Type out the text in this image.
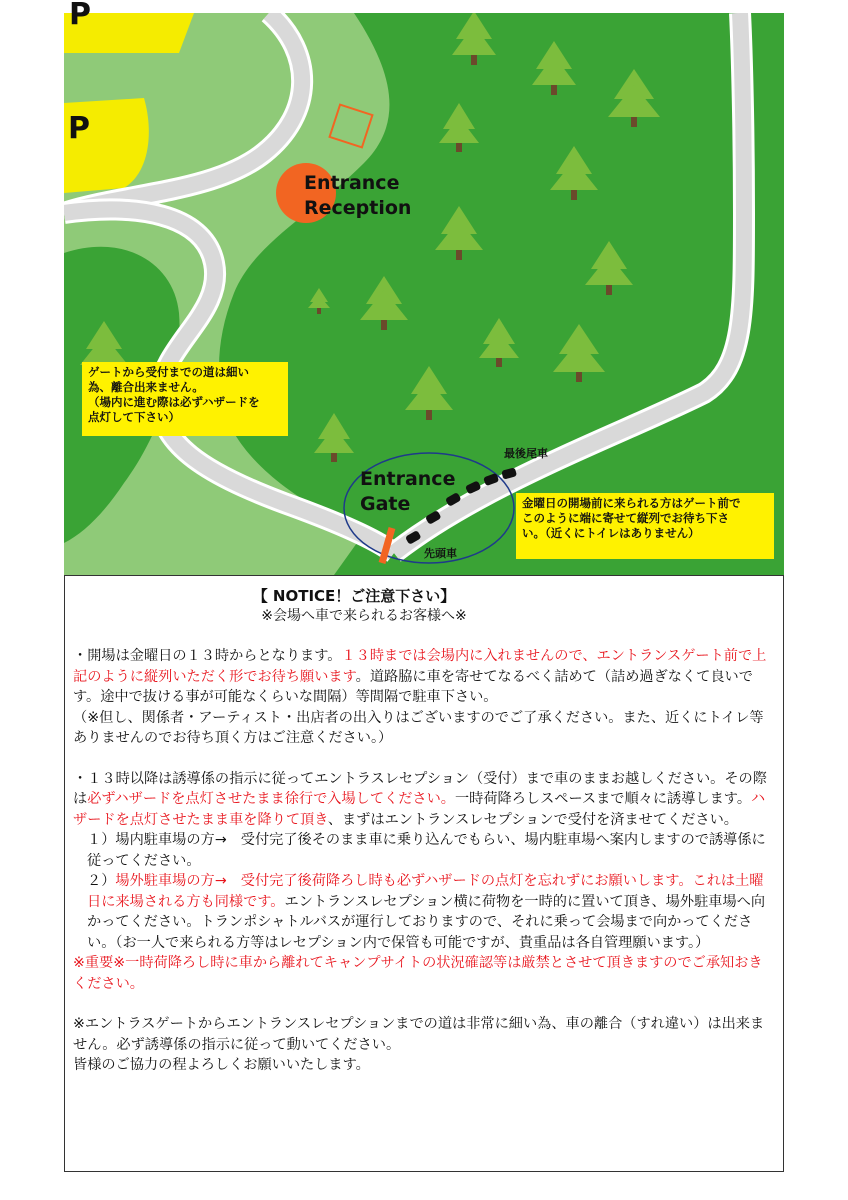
P
P
Entrance
Reception
Entrance
Gate
最後尾車
先頭車
ゲートから受付までの道は細い
為、離合出来ません。
（場内に進む際は必ずハザードを
点灯して下さい）
金曜日の開場前に来られる方はゲート前で
このように端に寄せて縦列でお待ち下さ
い。（近くにトイレはありません）
【 NOTICE！ご注意下さい】
※会場へ車で来られるお客様へ※

・開場は金曜日の１３時からとなります。１３時までは会場内に入れませんので、エントランスゲート前で上記のように縦列いただく形でお待ち願います。道路脇に車を寄せてなるべく詰めて（詰め過ぎなくて良いです。途中で抜ける事が可能なくらいな間隔）等間隔で駐車下さい。

（※但し、関係者・アーティスト・出店者の出入りはございますのでご了承ください。また、近くにトイレ等ありませんのでお待ち頂く方はご注意ください。）

・１３時以降は誘導係の指示に従ってエントラスレセプション（受付）まで車のままお越しください。その際は必ずハザードを点灯させたまま徐行で入場してください。一時荷降ろしスペースまで順々に誘導します。ハザードを点灯させたまま車を降りて頂き、まずはエントランスレセプションで受付を済ませてください。

１）場内駐車場の方→　受付完了後そのまま車に乗り込んでもらい、場内駐車場へ案内しますので誘導係に従ってください。

２）場外駐車場の方→　受付完了後荷降ろし時も必ずハザードの点灯を忘れずにお願いします。これは土曜日に来場される方も同様です。エントランスレセプション横に荷物を一時的に置いて頂き、場外駐車場へ向かってください。トランポシャトルバスが運行しておりますので、それに乗って会場まで向かってください。（お一人で来られる方等はレセプション内で保管も可能ですが、貴重品は各自管理願います。）

※重要※一時荷降ろし時に車から離れてキャンプサイトの状況確認等は厳禁とさせて頂きますのでご承知おきください。

※エントラスゲートからエントランスレセプションまでの道は非常に細い為、車の離合（すれ違い）は出来ません。必ず誘導係の指示に従って動いてください。

皆様のご協力の程よろしくお願いいたします。
